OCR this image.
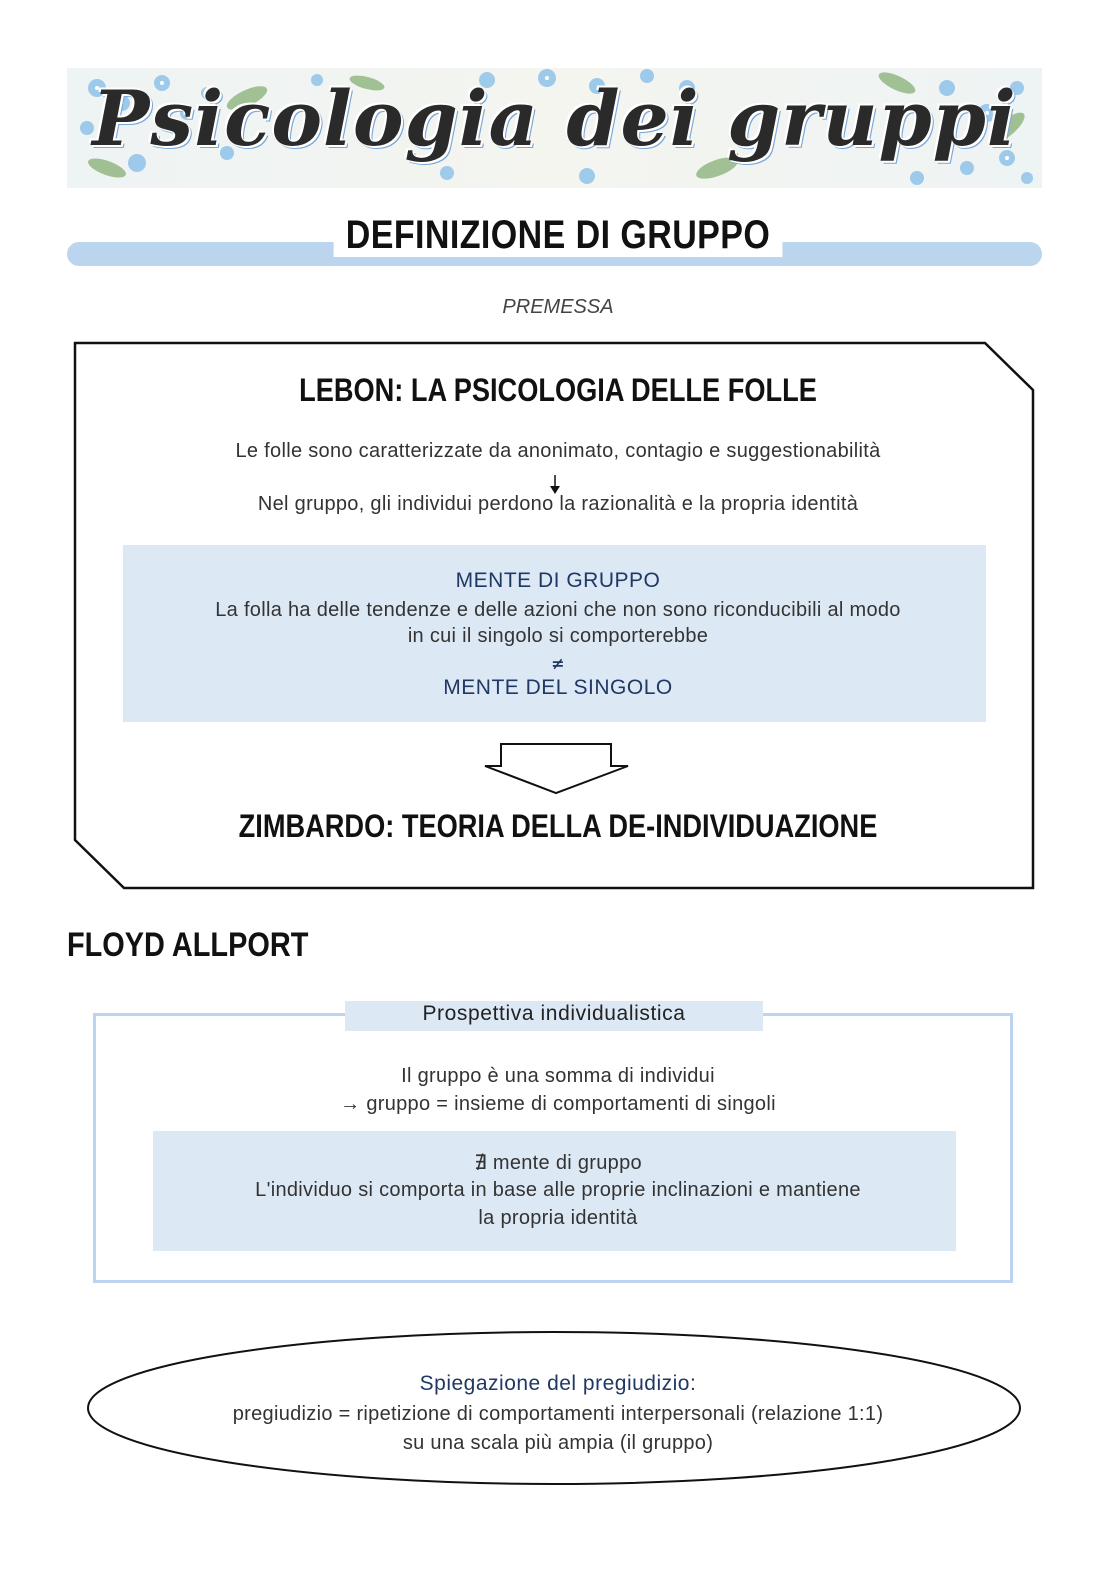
Psicologia dei gruppi
DEFINIZIONE DI GRUPPO
PREMESSA
LEBON: LA PSICOLOGIA DELLE FOLLE
Le folle sono caratterizzate da anonimato, contagio e suggestionabilità
Nel gruppo, gli individui perdono la razionalità e la propria identità
MENTE DI GRUPPO
La folla ha delle tendenze e delle azioni che non sono riconducibili al modo
in cui il singolo si comporterebbe
≠
MENTE DEL SINGOLO
ZIMBARDO: TEORIA DELLA DE-INDIVIDUAZIONE
FLOYD ALLPORT
Prospettiva individualistica
Il gruppo è una somma di individui
→ gruppo = insieme di comportamenti di singoli
∄ mente di gruppo
L'individuo si comporta in base alle proprie inclinazioni e mantiene
la propria identità
Spiegazione del pregiudizio:
pregiudizio = ripetizione di comportamenti interpersonali (relazione 1:1)
su una scala più ampia (il gruppo)
